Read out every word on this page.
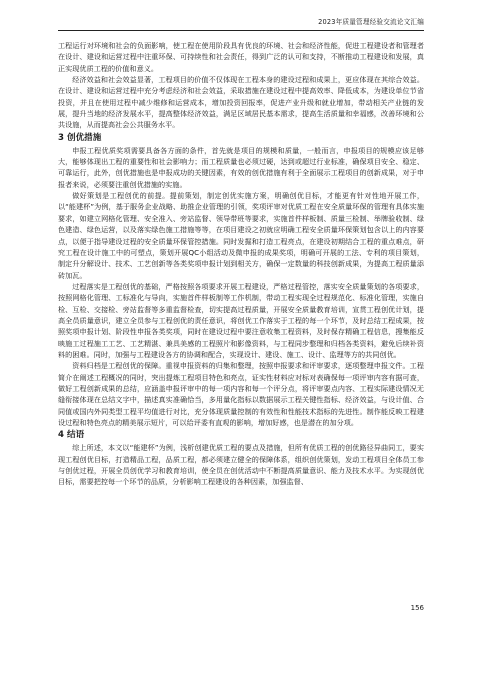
2023年质量管理经验交流论文汇编

工程运行对环境和社会的负面影响，使工程在使用阶段具有优良的环境、社会和经济性能，促进工程建设者和管理者在设计、建设和运营过程中注重环保、可持续性和社会责任，得到广泛的认可和支持，不断推动工程建设和发展，真正实现优质工程的价值和意义。

经济效益和社会效益显著，工程项目的价值不仅体现在工程本身的建设过程和成果上，更应体现在其综合效益。在设计、建设和运营过程中充分考虑经济和社会效益，采取措施在建设过程中提高效率、降低成本，为建设单位节省投资，并且在使用过程中减少维修和运营成本，增加投资回报率，促进产业升级和就业增加，带动相关产业链的发展，提升当地的经济发展水平，提高整体经济效益，满足区域居民基本需求，提高生活质量和幸福感，改善环境和公共设施，从而提高社会公共服务水平。

3 创优措施

申报工程优质奖项需要具备各方面的条件，首先就是项目的规模和质量，一般而言，申报项目的规模应该足够大，能够体现出工程的重要性和社会影响力；而工程质量也必须过硬，达到或超过行业标准，确保项目安全、稳定、可靠运行，此外，创优措施也是申报成功的关键因素，有效的创优措施有利于全面展示工程项目的创新成果，对于申报者来说，必须要注重创优措施的实施。

做好策划是工程创优的前提。提前策划，制定创优实施方案，明确创优目标，才能更有针对性地开展工作，以“能建杯”为例，基于服务企业战略、助推企业管理的引领，奖项评审对优质工程在安全质量环保的管理有具体实施要求，如建立网格化管理、安全准入、旁站监督、领导带班等要求，实施首件样板制、质量三检制、举牌验收制、绿色建造、绿色运营，以及落实绿色施工措施等等，在项目建设之初就应明确工程安全质量环保策划包含以上的内容要点，以便于指导建设过程的安全质量环保管控措施。同时发掘和打造工程亮点，在建设初期结合工程的重点难点，研究工程在设计施工中的可塑点，策划开展QC小组活动及微申报的成果奖项，明确可开展的工法、专利的项目策划，制定升分解设计、技术、工艺创新等各类奖项申报计划到相关方，确保一定数量的科技创新成果，为提高工程质量添砖加瓦。

过程落实是工程创优的基础，严格按照各项要求开展工程建设，严格过程管控，落实安全质量策划的各项要求，按照网格化管理、工标准化与导向，实施首件样板制等工作机制，带动工程实现全过程规范化、标准化管理，实施自检、互检、交接检、旁站监督等多重监督检查，切实提高过程质量，开展安全质量教育培训，宣贯工程创优计划，提高全员质量意识，建立全员参与工程创优的责任意识，将创优工作落实于工程的每一个环节，及时总结工程成果，按照奖项申报计划、阶段性申报各类奖项，同时在建设过程中要注意收集工程资料，及时保存精确工程信息，搜集能反映施工过程施工工艺、工艺精湛、兼具美感的工程照片和影像资料，与工程同步整理和归档各类资料，避免后续补资料的困难。同时，加强与工程建设各方的协调和配合，实现设计、建设、施工、设计、监理等方的共同创优。

资料归档是工程创优的保障。重视申报资料的归集和整理，按照申报要求和评审要求，逐项整理申报文件。工程简介在阐述工程概况的同时，突出提炼工程项目特色和亮点，证实性材料应对标对表确保每一项评审内容有据可查，做好工程创新成果的总结，应涵盖申报评审中的每一项内容和每一个评分点，将评审要点内容、工程实际建设情况无缝衔接体现在总结文字中，描述真实准确恰当，多用量化指标以数据展示工程关键性指标、经济效益，与设计值、合同值或国内外同类型工程平均值进行对比，充分体现质量控制的有效性和性能技术指标的先进性。制作能反映工程建设过程和特色亮点的精美展示短片，可以给评委有直观的影响，增加好感，也是潜在的加分项。

4 结语

综上所述，本文以“能建杯”为例，浅析创建优质工程的要点及措施，但所有优质工程的创优路径异曲同工，要实现工程创优目标，打造精品工程，品质工程，都必须建立健全的保障体系，组织创优策划，发动工程项目全体员工参与创优过程，开展全员创优学习和教育培训，使全员在创优活动中不断提高质量意识、能力及技术水平。为实现创优目标，需要把控每一个环节的品质，分析影响工程建设的各种因素，加强监督、

156
